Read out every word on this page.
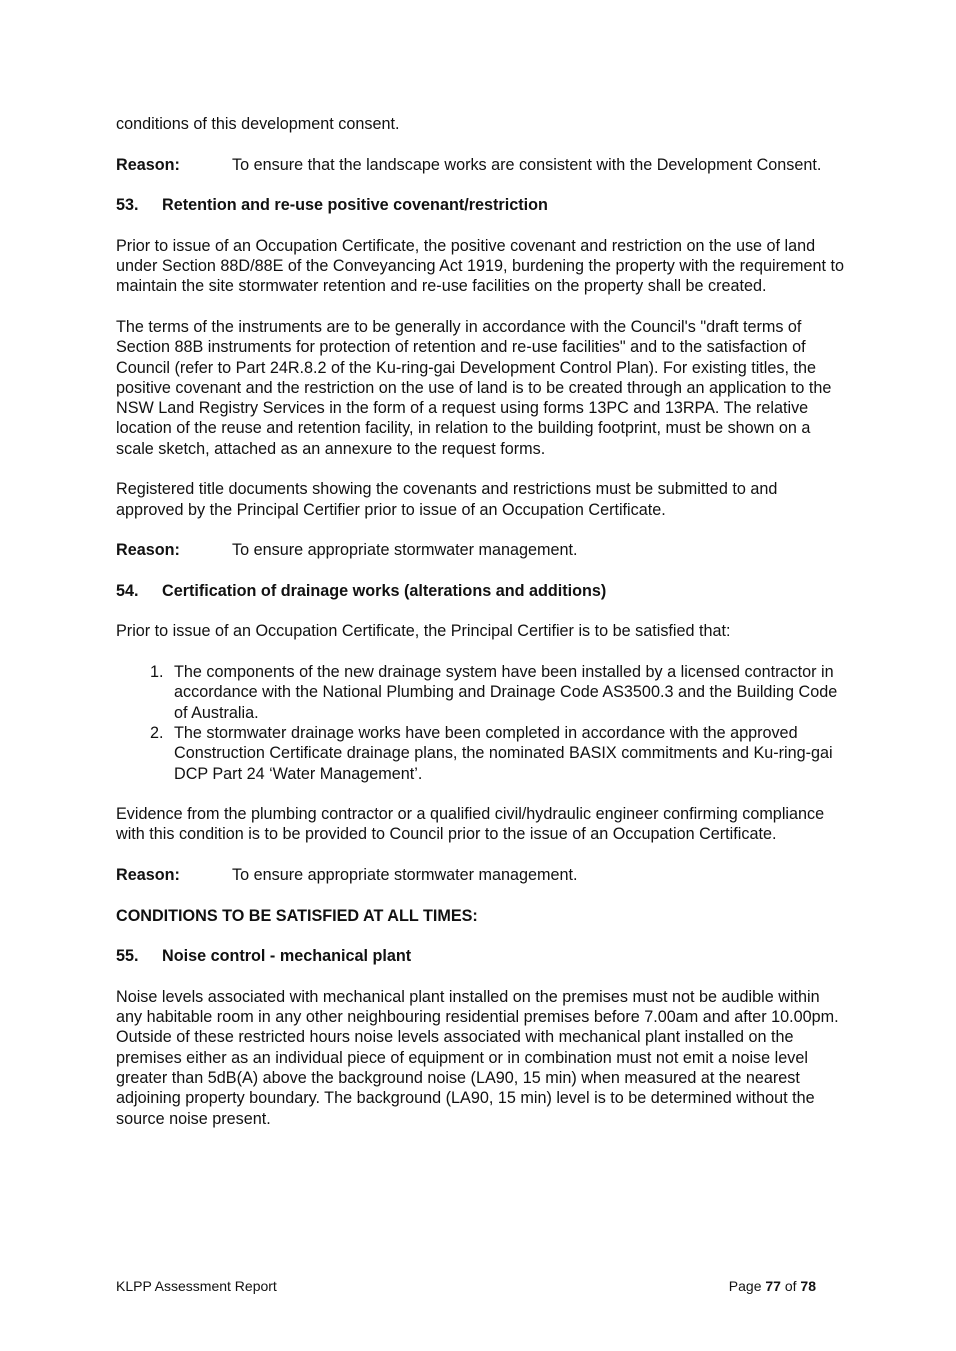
conditions of this development consent.

Reason:	To ensure that the landscape works are consistent with the Development Consent.
53.	Retention and re-use positive covenant/restriction

Prior to issue of an Occupation Certificate, the positive covenant and restriction on the use of land under Section 88D/88E of the Conveyancing Act 1919, burdening the property with the requirement to maintain the site stormwater retention and re-use facilities on the property shall be created.

The terms of the instruments are to be generally in accordance with the Council's "draft terms of Section 88B instruments for protection of retention and re-use facilities" and to the satisfaction of Council (refer to Part 24R.8.2 of the Ku-ring-gai Development Control Plan). For existing titles, the positive covenant and the restriction on the use of land is to be created through an application to the NSW Land Registry Services in the form of a request using forms 13PC and 13RPA. The relative location of the reuse and retention facility, in relation to the building footprint, must be shown on a scale sketch, attached as an annexure to the request forms.

Registered title documents showing the covenants and restrictions must be submitted to and approved by the Principal Certifier prior to issue of an Occupation Certificate.

Reason:	To ensure appropriate stormwater management.
54.	Certification of drainage works (alterations and additions)

Prior to issue of an Occupation Certificate, the Principal Certifier is to be satisfied that:

1. The components of the new drainage system have been installed by a licensed contractor in accordance with the National Plumbing and Drainage Code AS3500.3 and the Building Code of Australia.
2. The stormwater drainage works have been completed in accordance with the approved Construction Certificate drainage plans, the nominated BASIX commitments and Ku-ring-gai DCP Part 24 ‘Water Management’.

Evidence from the plumbing contractor or a qualified civil/hydraulic engineer confirming compliance with this condition is to be provided to Council prior to the issue of an Occupation Certificate.

Reason:	To ensure appropriate stormwater management.
CONDITIONS TO BE SATISFIED AT ALL TIMES:
55.	Noise control - mechanical plant

Noise levels associated with mechanical plant installed on the premises must not be audible within any habitable room in any other neighbouring residential premises before 7.00am and after 10.00pm. Outside of these restricted hours noise levels associated with mechanical plant installed on the premises either as an individual piece of equipment or in combination must not emit a noise level greater than 5dB(A) above the background noise (LA90, 15 min) when measured at the nearest adjoining property boundary. The background (LA90, 15 min) level is to be determined without the source noise present.

KLPP Assessment Report	Page 77 of 78
